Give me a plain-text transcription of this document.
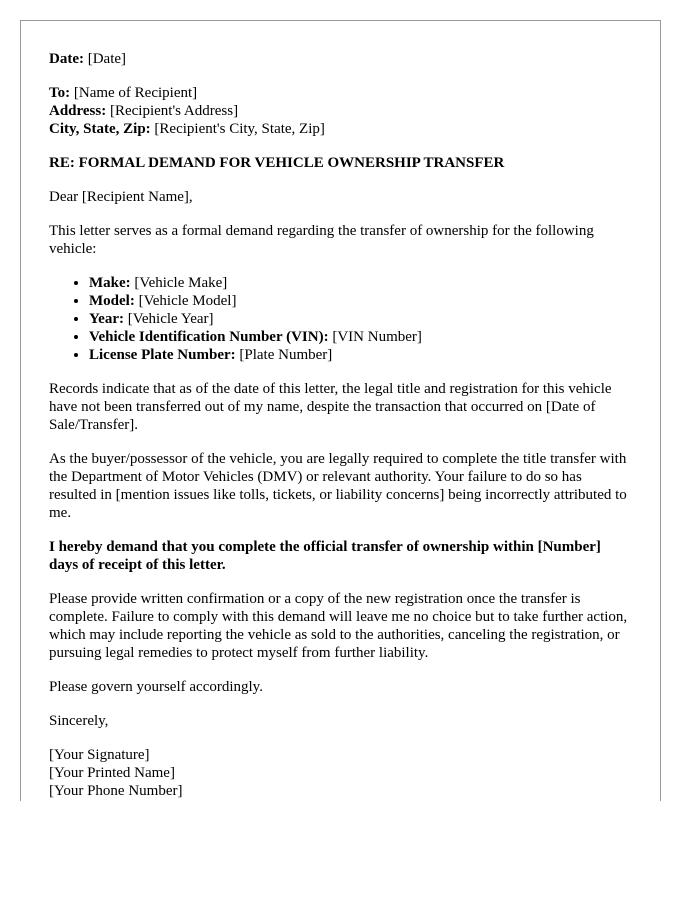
Date: [Date]

To: [Name of Recipient]
Address: [Recipient's Address]
City, State, Zip: [Recipient's City, State, Zip]

RE: FORMAL DEMAND FOR VEHICLE OWNERSHIP TRANSFER

Dear [Recipient Name],

This letter serves as a formal demand regarding the transfer of ownership for the following vehicle:

• Make: [Vehicle Make]
• Model: [Vehicle Model]
• Year: [Vehicle Year]
• Vehicle Identification Number (VIN): [VIN Number]
• License Plate Number: [Plate Number]

Records indicate that as of the date of this letter, the legal title and registration for this vehicle have not been transferred out of my name, despite the transaction that occurred on [Date of Sale/Transfer].

As the buyer/possessor of the vehicle, you are legally required to complete the title transfer with the Department of Motor Vehicles (DMV) or relevant authority. Your failure to do so has resulted in [mention issues like tolls, tickets, or liability concerns] being incorrectly attributed to me.

I hereby demand that you complete the official transfer of ownership within [Number] days of receipt of this letter.

Please provide written confirmation or a copy of the new registration once the transfer is complete. Failure to comply with this demand will leave me no choice but to take further action, which may include reporting the vehicle as sold to the authorities, canceling the registration, or pursuing legal remedies to protect myself from further liability.

Please govern yourself accordingly.

Sincerely,

[Your Signature]
[Your Printed Name]
[Your Phone Number]
